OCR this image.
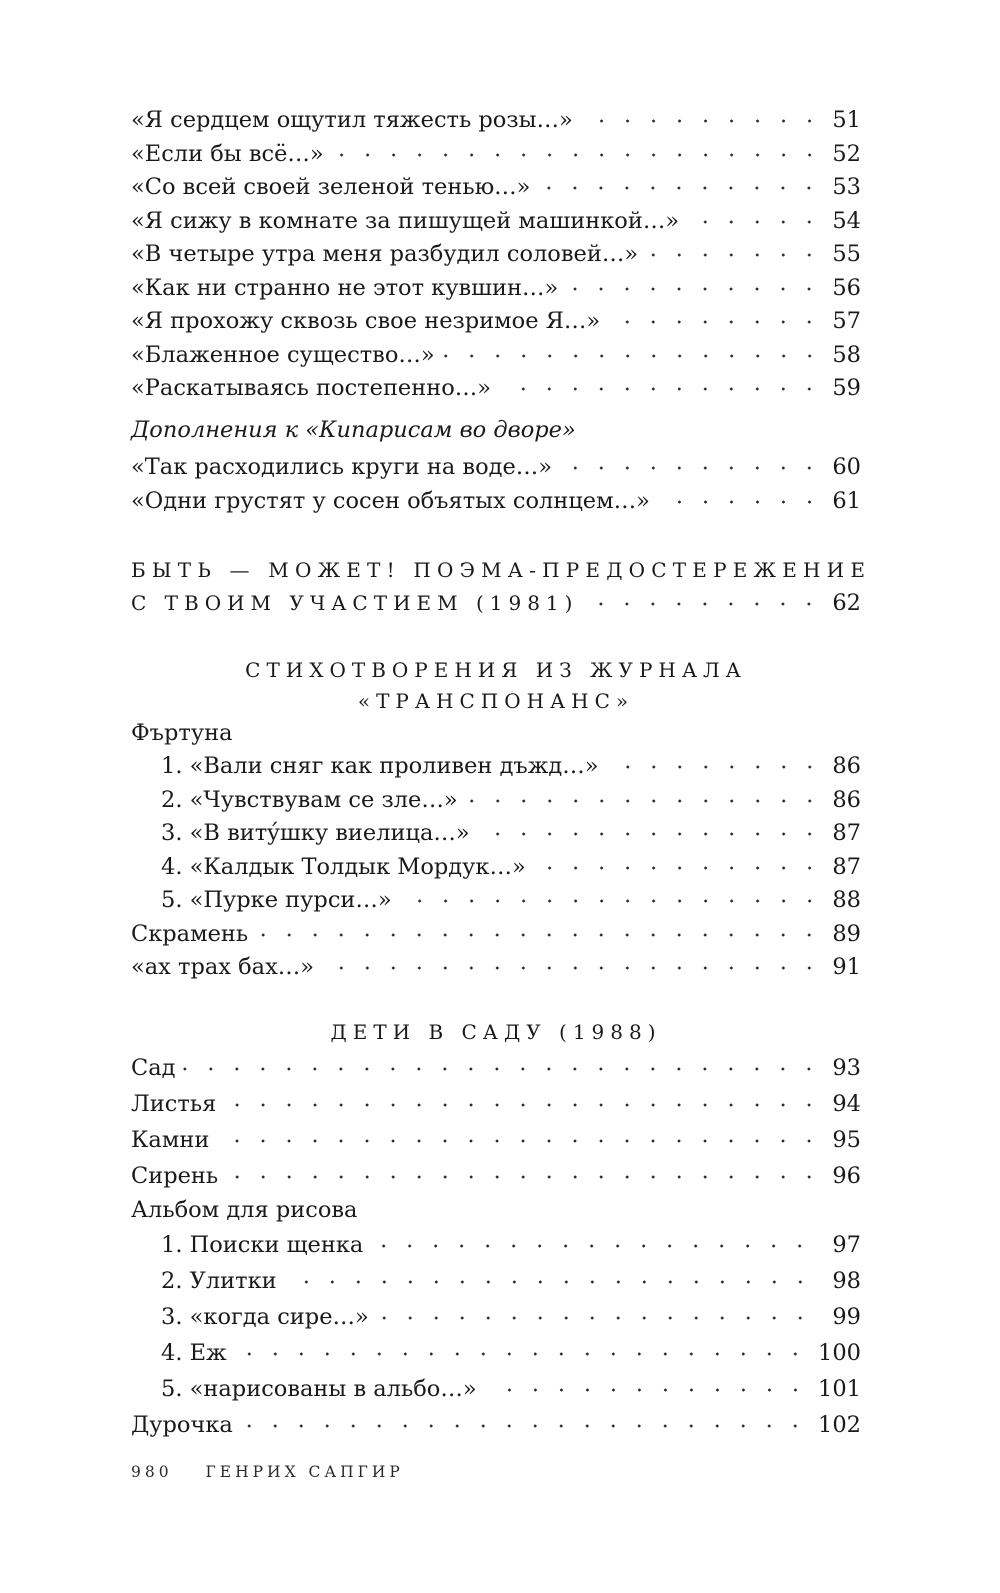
«Я сердцем ощутил тяжесть розы…»	51
«Если бы всё…»	52
«Со всей своей зеленой тенью…»	53
«Я сижу в комнате за пишущей машинкой…»	54
«В четыре утра меня разбудил соловей…»	55
«Как ни странно не этот кувшин…»	56
«Я прохожу сквозь свое незримое Я…»	57
«Блаженное существо…»	58
«Раскатываясь постепенно…»	59
Дополнения к «Кипарисам во дворе»
«Так расходились круги на воде…»	60
«Одни грустят у сосен объятых солнцем…»	61
БЫТЬ — МОЖЕТ! ПОЭМА-ПРЕДОСТЕРЕЖЕНИЕ
С ТВОИМ УЧАСТИЕМ (1981)	62
СТИХОТВОРЕНИЯ ИЗ ЖУРНАЛА
«ТРАНСПОНАНС»
Фъртуна
1. «Вали сняг как проливен дъжд…»	86
2. «Чувствувам се зле…»	86
3. «В витýшку виелица…»	87
4. «Калдык Толдык Мордук…»	87
5. «Пурке пурси…»	88
Скрамень	89
«ах трах бах…»	91
ДЕТИ В САДУ (1988)
Сад	93
Листья	94
Камни	95
Сирень	96
Альбом для рисова
1. Поиски щенка	97
2. Улитки	98
3. «когда сире…»	99
4. Еж	100
5. «нарисованы в альбо…»	101
Дурочка	102
980 ГЕНРИХ САПГИР
